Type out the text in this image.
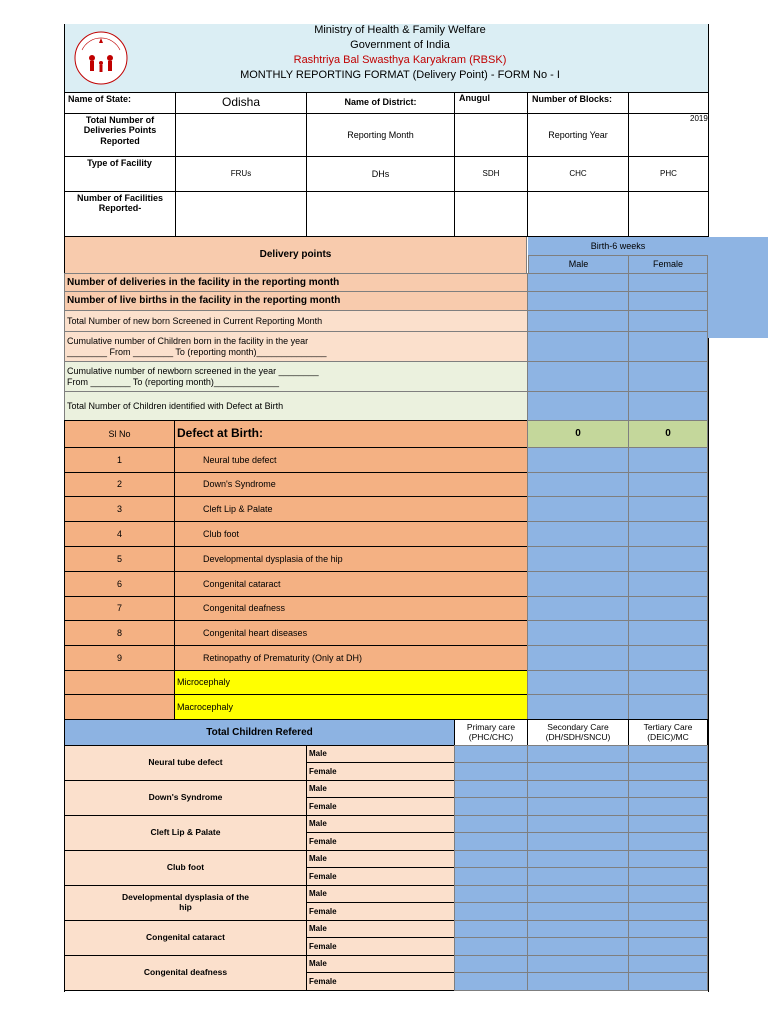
Ministry of Health & Family Welfare
Government of India
Rashtriya Bal Swasthya Karyakram (RBSK)
MONTHLY REPORTING FORMAT (Delivery Point) - FORM No - I
Name of State:	Odisha	Name of District:	Anugul	Number of Blocks:
Total Number of Deliveries Points Reported
Reporting Month	Reporting Year
2019
Type of Facility
FRUs	DHs	SDH	CHC	PHC
Number of Facilities Reported-
Delivery points
Birth-6 weeks
Male	Female
Number of deliveries in the facility in the reporting month
Number of live births in the facility in the reporting month
Total Number of new born Screened in Current Reporting Month
Cumulative number of Children born in the facility in the year ________ From ________ To (reporting month)______________
Cumulative number of newborn screened in the year ________ From ________ To (reporting month)_____________
Total Number of Children identified with Defect at Birth
Sl No	Defect at Birth:	0	0
1	Neural tube defect
2	Down's Syndrome
3	Cleft Lip & Palate
4	Club foot
5	Developmental dysplasia of the hip
6	Congenital cataract
7	Congenital deafness
8	Congenital heart diseases
9	Retinopathy of Prematurity (Only at DH)
Microcephaly
Macrocephaly
Total Children Refered
Primary care (PHC/CHC)
Secondary Care (DH/SDH/SNCU)
Tertiary Care (DEIC)/MC
Neural tube defect
Male
Female
Down's Syndrome
Male
Female
Cleft Lip & Palate
Male
Female
Club foot
Male
Female
Developmental dysplasia of the hip
Male
Female
Congenital cataract
Male
Female
Congenital deafness
Male
Female
